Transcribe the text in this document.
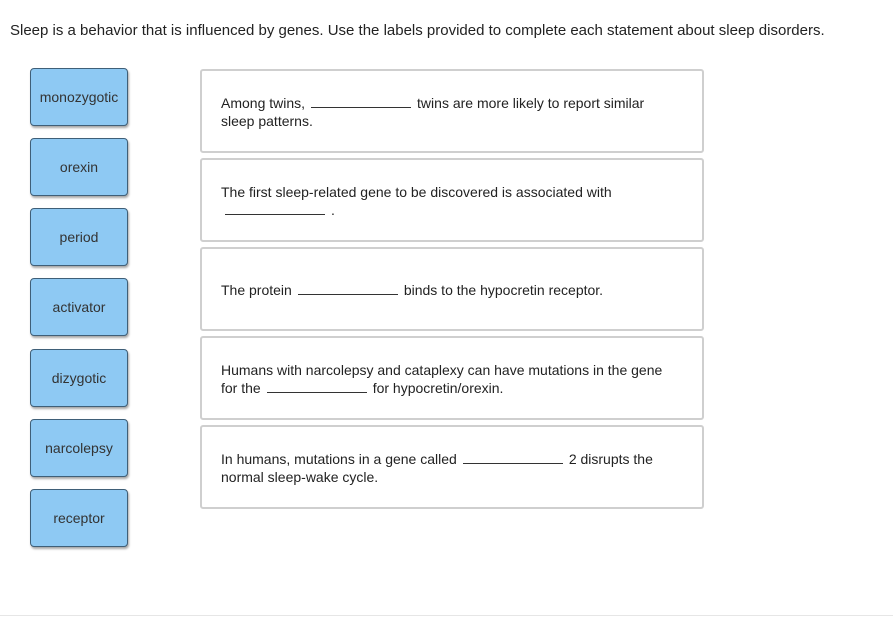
Sleep is a behavior that is influenced by genes. Use the labels provided to complete each statement about sleep disorders.
monozygotic
orexin
period
activator
dizygotic
narcolepsy
receptor
Among twins,	twins are more likely to report similar sleep patterns.
The first sleep-related gene to be discovered is associated with
.
The protein	binds to the hypocretin receptor.
Humans with narcolepsy and cataplexy can have mutations in the gene for the	for hypocretin/orexin.
In humans, mutations in a gene called	2 disrupts the normal sleep-wake cycle.
